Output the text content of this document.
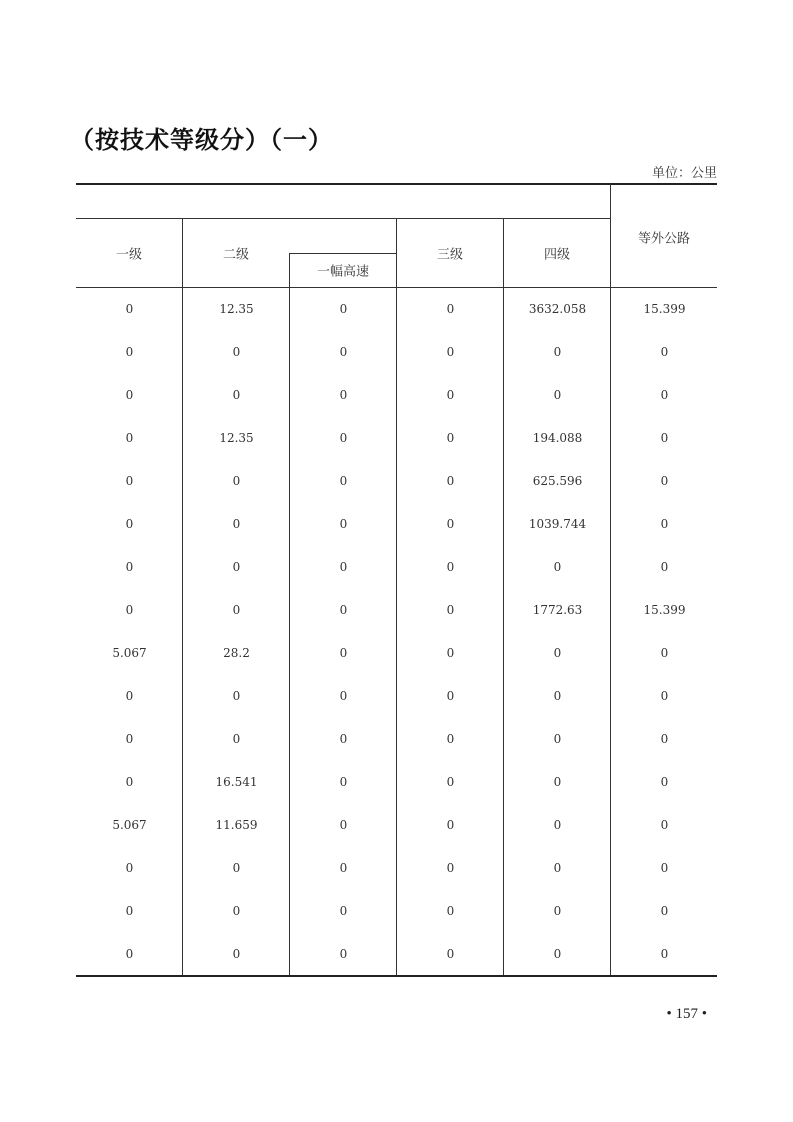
（按技术等级分）（一）
单位：公里
一级	二级
一幅高速
三级	四级
等外公路
0	12.35	0	0	3632.058	15.399
0	0	0	0	0	0
0	0	0	0	0	0
0	12.35	0	0	194.088	0
0	0	0	0	625.596	0
0	0	0	0	1039.744	0
0	0	0	0	0	0
0	0	0	0	1772.63	15.399
5.067	28.2	0	0	0	0
0	0	0	0	0	0
0	0	0	0	0	0
0	16.541	0	0	0	0
5.067	11.659	0	0	0	0
0	0	0	0	0	0
0	0	0	0	0	0
0	0	0	0	0	0
• 157 •
